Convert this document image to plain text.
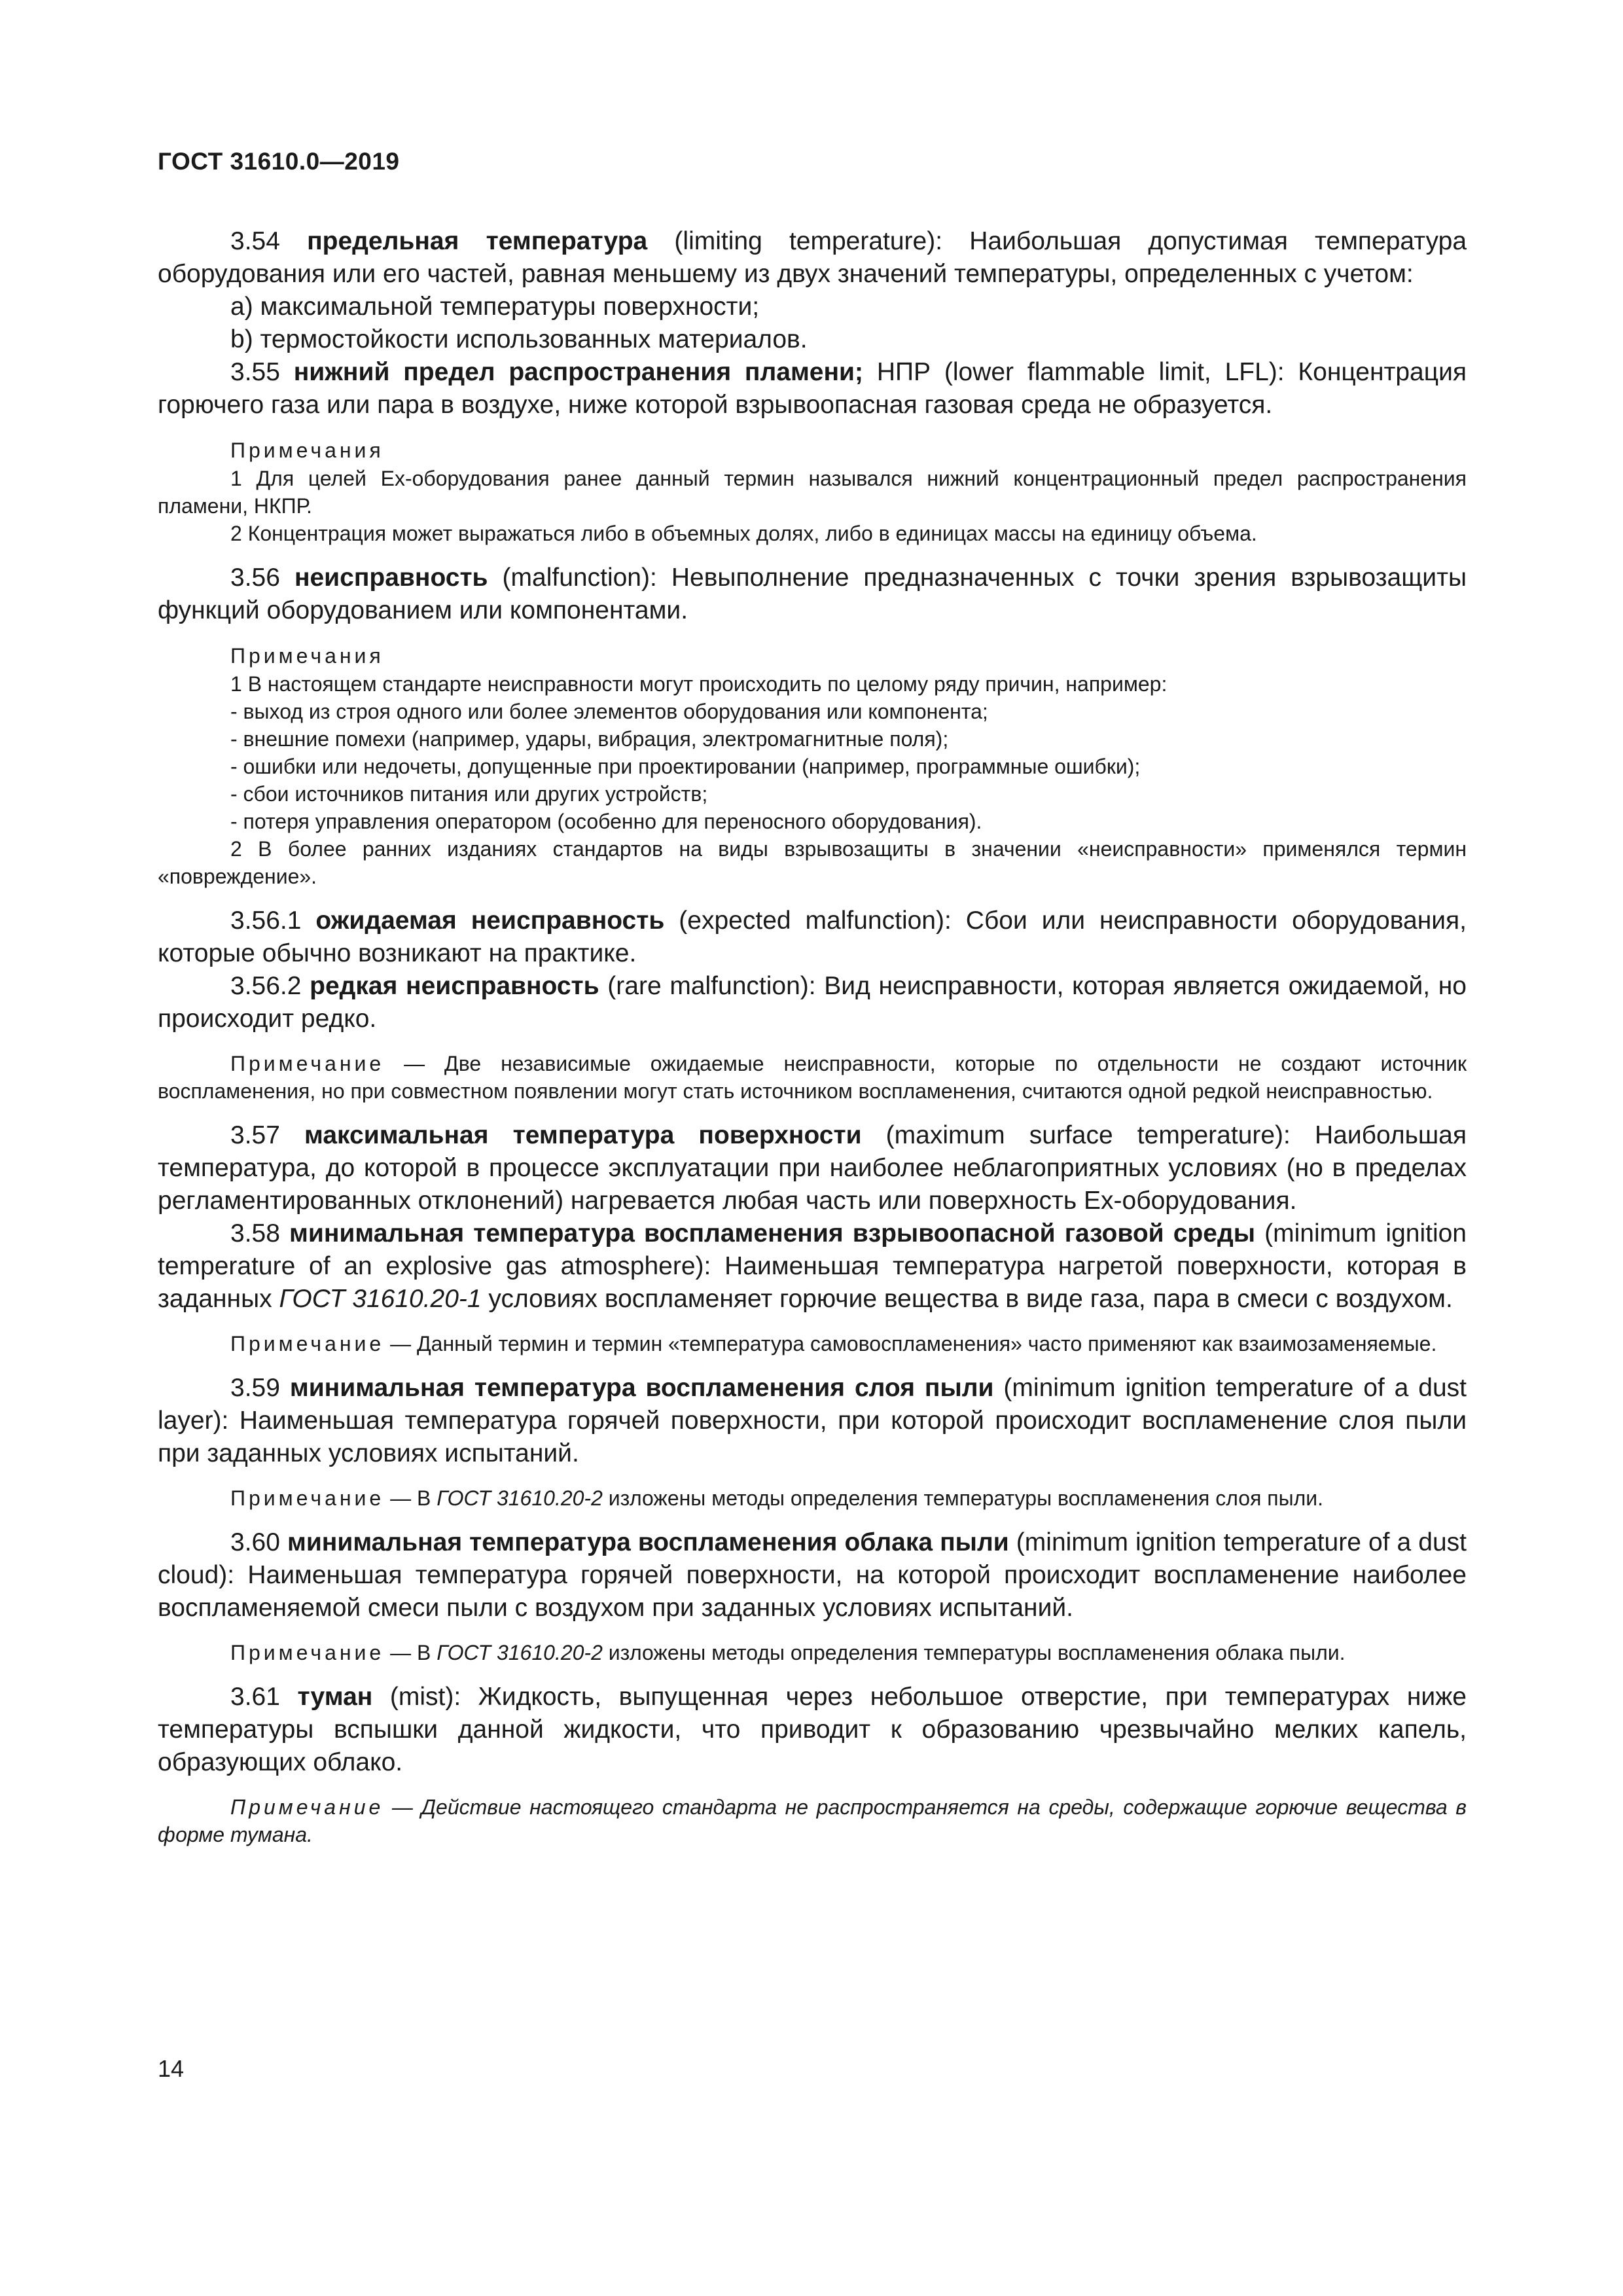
ГОСТ 31610.0—2019

3.54 предельная температура (limiting temperature): Наибольшая допустимая температура оборудования или его частей, равная меньшему из двух значений температуры, определенных с учетом:

а) максимальной температуры поверхности;

b) термостойкости использованных материалов.

3.55 нижний предел распространения пламени; НПР (lower flammable limit, LFL): Концентрация горючего газа или пара в воздухе, ниже которой взрывоопасная газовая среда не образуется.

Примечания

1 Для целей Ex-оборудования ранее данный термин назывался нижний концентрационный предел распространения пламени, НКПР.

2 Концентрация может выражаться либо в объемных долях, либо в единицах массы на единицу объема.

3.56 неисправность (malfunction): Невыполнение предназначенных с точки зрения взрывозащиты функций оборудованием или компонентами.

Примечания

1 В настоящем стандарте неисправности могут происходить по целому ряду причин, например:

- выход из строя одного или более элементов оборудования или компонента;

- внешние помехи (например, удары, вибрация, электромагнитные поля);

- ошибки или недочеты, допущенные при проектировании (например, программные ошибки);

- сбои источников питания или других устройств;

- потеря управления оператором (особенно для переносного оборудования).

2 В более ранних изданиях стандартов на виды взрывозащиты в значении «неисправности» применялся термин «повреждение».

3.56.1 ожидаемая неисправность (expected malfunction): Сбои или неисправности оборудования, которые обычно возникают на практике.

3.56.2 редкая неисправность (rare malfunction): Вид неисправности, которая является ожидаемой, но происходит редко.

Примечание — Две независимые ожидаемые неисправности, которые по отдельности не создают источник воспламенения, но при совместном появлении могут стать источником воспламенения, считаются одной редкой неисправностью.

3.57 максимальная температура поверхности (maximum surface temperature): Наибольшая температура, до которой в процессе эксплуатации при наиболее неблагоприятных условиях (но в пределах регламентированных отклонений) нагревается любая часть или поверхность Ex-оборудования.

3.58 минимальная температура воспламенения взрывоопасной газовой среды (minimum ignition temperature of an explosive gas atmosphere): Наименьшая температура нагретой поверхности, которая в заданных ГОСТ 31610.20-1 условиях воспламеняет горючие вещества в виде газа, пара в смеси с воздухом.

Примечание — Данный термин и термин «температура самовоспламенения» часто применяют как взаимозаменяемые.

3.59 минимальная температура воспламенения слоя пыли (minimum ignition temperature of a dust layer): Наименьшая температура горячей поверхности, при которой происходит воспламенение слоя пыли при заданных условиях испытаний.

Примечание — В ГОСТ 31610.20-2 изложены методы определения температуры воспламенения слоя пыли.

3.60 минимальная температура воспламенения облака пыли (minimum ignition temperature of a dust cloud): Наименьшая температура горячей поверхности, на которой происходит воспламенение наиболее воспламеняемой смеси пыли с воздухом при заданных условиях испытаний.

Примечание — В ГОСТ 31610.20-2 изложены методы определения температуры воспламенения облака пыли.

3.61 туман (mist): Жидкость, выпущенная через небольшое отверстие, при температурах ниже температуры вспышки данной жидкости, что приводит к образованию чрезвычайно мелких капель, образующих облако.

Примечание — Действие настоящего стандарта не распространяется на среды, содержащие горючие вещества в форме тумана.

14
